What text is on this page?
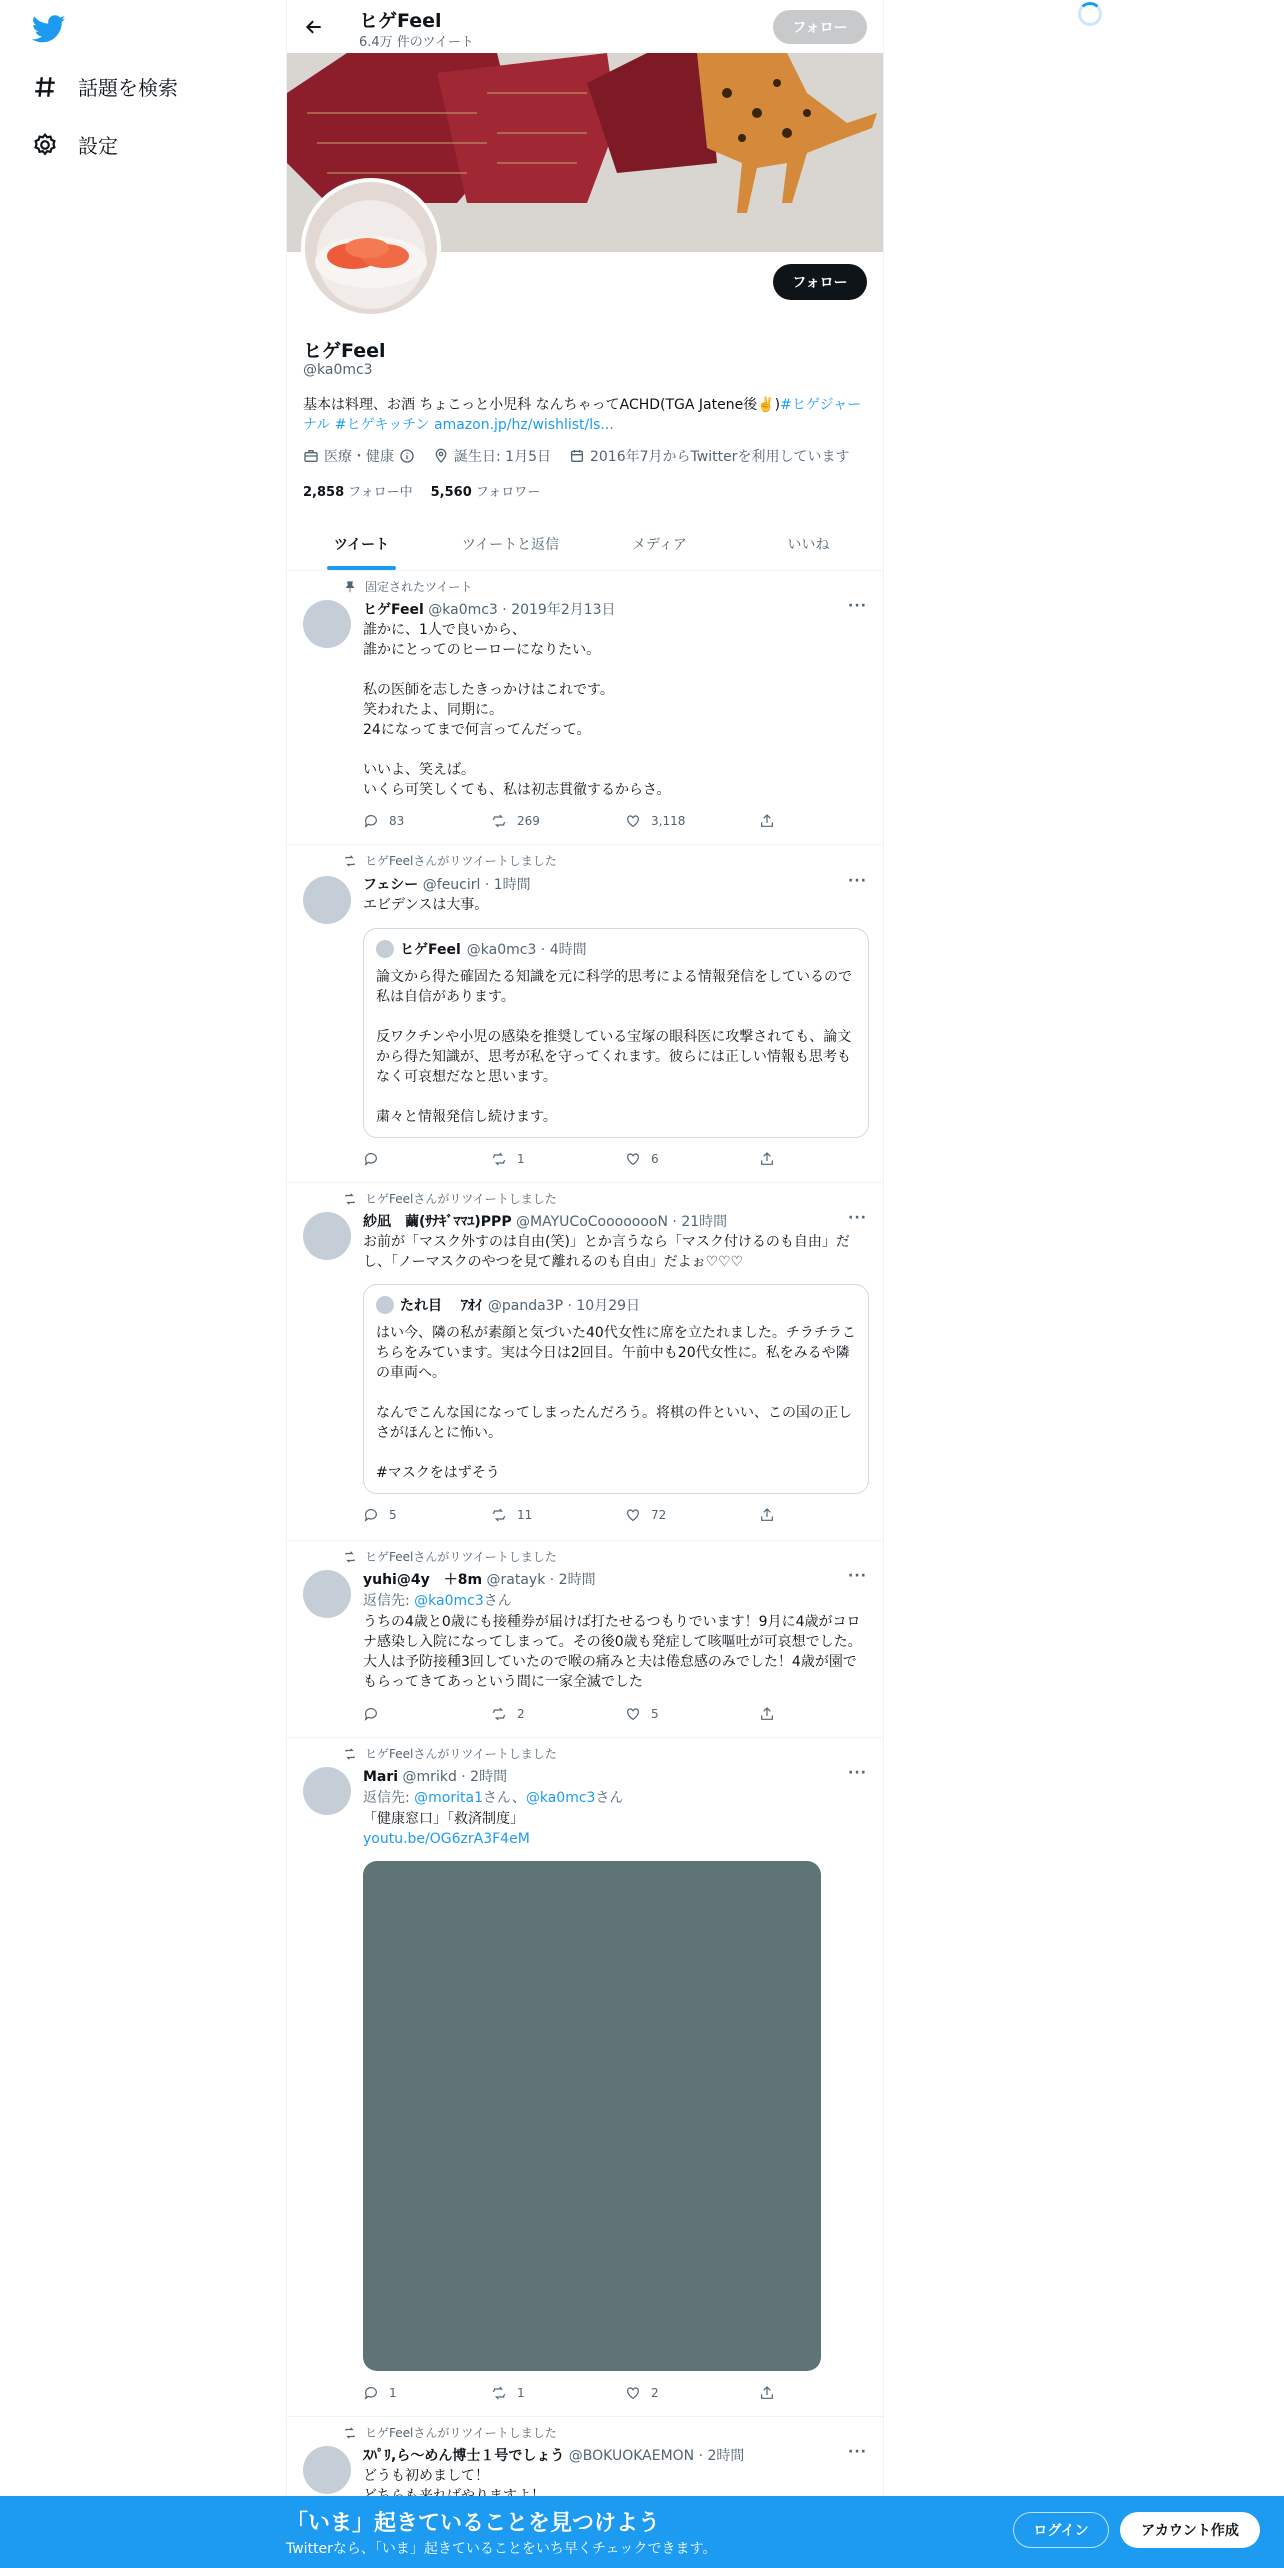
話題を検索
設定
ヒゲFeel
6.4万 件のツイート
フォロー
フォロー
ヒゲFeel
@ka0mc3
基本は料理、お酒 ちょこっと小児科 なんちゃってACHD(TGA Jatene後✌️)#ヒゲジャーナル #ヒゲキッチン amazon.jp/hz/wishlist/ls...
医療・健康	誕生日: 1月5日	2016年7月からTwitterを利用しています
2,858 フォロー中 5,560 フォロワー
ツイート	ツイートと返信	メディア	いいね
固定されたツイート
ヒゲFeel @ka0mc3 · 2019年2月13日	···
誰かに、1人で良いから、
誰かにとってのヒーローになりたい。

私の医師を志したきっかけはこれです。
笑われたよ、同期に。
24になってまで何言ってんだって。

いいよ、笑えば。
いくら可笑しくても、私は初志貫徹するからさ。
83	269	3,118
ヒゲFeelさんがリツイートしました
フェシー @feucirl · 1時間	···
エビデンスは大事。
ヒゲFeel @ka0mc3 · 4時間
論文から得た確固たる知識を元に科学的思考による情報発信をしているので私は自信があります。

反ワクチンや小児の感染を推奨している宝塚の眼科医に攻撃されても、論文から得た知識が、思考が私を守ってくれます。彼らには正しい情報も思考もなく可哀想だなと思います。

粛々と情報発信し続けます。
1	6
ヒゲFeelさんがリツイートしました
紗凪　繭(ｻﾅｷﾞﾏﾏﾕ)PPP @MAYUCoCoooooooN · 21時間	···
お前が「マスク外すのは自由(笑)」とか言うなら「マスク付けるのも自由」だし、「ノーマスクのやつを見て離れるのも自由」だよぉ♡♡♡
たれ目　 ｱｵｲ @panda3P · 10月29日
はい今、隣の私が素顔と気づいた40代女性に席を立たれました。チラチラこちらをみています。実は今日は2回目。午前中も20代女性に。私をみるや隣の車両へ。

なんでこんな国になってしまったんだろう。将棋の件といい、この国の正しさがほんとに怖い。

#マスクをはずそう
5	11	72
ヒゲFeelさんがリツイートしました
yuhi@4y　＋8m @ratayk · 2時間	···
返信先: @ka0mc3さん
うちの4歳と0歳にも接種券が届けば打たせるつもりでいます！9月に4歳がコロナ感染し入院になってしまって。その後0歳も発症して咳嘔吐が可哀想でした。大人は予防接種3回していたので喉の痛みと夫は倦怠感のみでした！4歳が園でもらってきてあっという間に一家全滅でした
2	5
ヒゲFeelさんがリツイートしました
Mari @mrikd · 2時間	···
返信先: @morita1さん、@ka0mc3さん
「健康窓口」「救済制度」
youtu.be/OG6zrA3F4eM
1	1	2
ヒゲFeelさんがリツイートしました
ｽﾊﾟﾘ,ら〜めん博士１号でしょう @BOKUOKAEMON · 2時間	···
どうも初めまして！

「いま」起きていることを見つけよう
Twitterなら、「いま」起きていることをいち早くチェックできます。
ログイン	アカウント作成
